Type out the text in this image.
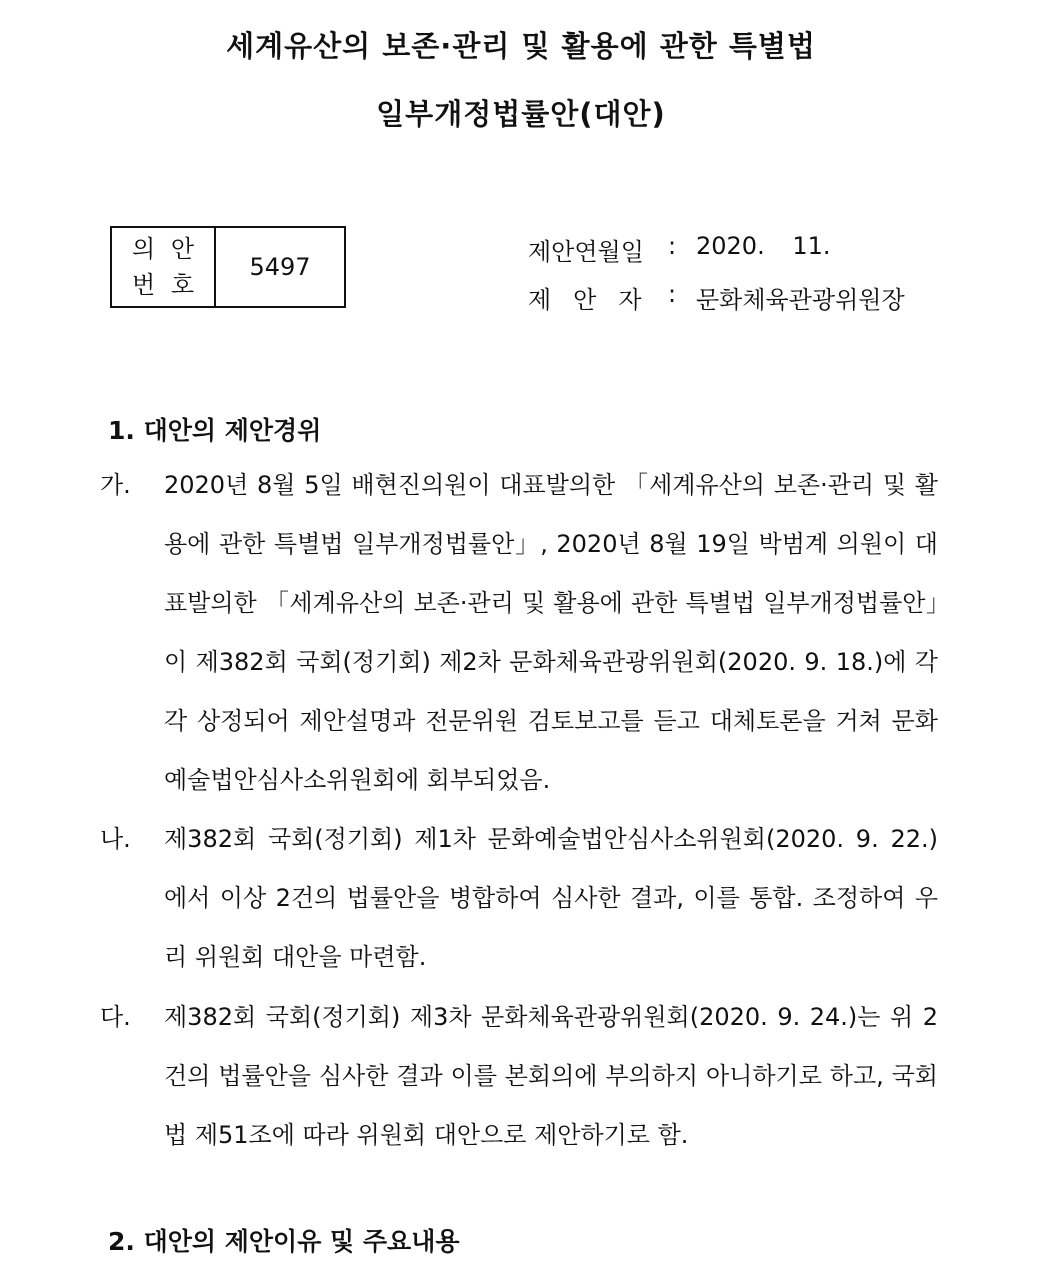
세계유산의 보존·관리 및 활용에 관한 특별법
일부개정법률안(대안)
의 안
번 호
5497
제안연월일	: 2020. 11.
제안자 : 문화체육관광위원장
1. 대안의 제안경위
가. 2020년 8월 5일 배현진의원이 대표발의한 「세계유산의 보존·관리 및 활용에 관한 특별법 일부개정법률안」, 2020년 8월 19일 박범계 의원이 대표발의한 「세계유산의 보존·관리 및 활용에 관한 특별법 일부개정법률안」이 제382회 국회(정기회) 제2차 문화체육관광위원회(2020. 9. 18.)에 각각 상정되어 제안설명과 전문위원 검토보고를 듣고 대체토론을 거쳐 문화예술법안심사소위원회에 회부되었음.
나. 제382회 국회(정기회) 제1차 문화예술법안심사소위원회(2020. 9. 22.)에서 이상 2건의 법률안을 병합하여 심사한 결과, 이를 통합. 조정하여 우리 위원회 대안을 마련함.
다. 제382회 국회(정기회) 제3차 문화체육관광위원회(2020. 9. 24.)는 위 2건의 법률안을 심사한 결과 이를 본회의에 부의하지 아니하기로 하고, 국회법 제51조에 따라 위원회 대안으로 제안하기로 함.
2. 대안의 제안이유 및 주요내용
